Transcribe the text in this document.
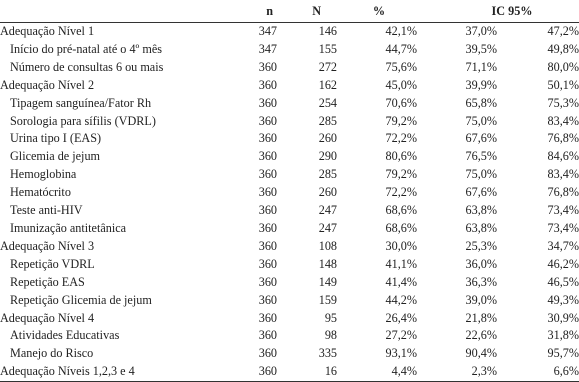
	n	N	%	IC 95%	
Adequação Nível 1	347	146	42,1%	37,0%	47,2%
Início do pré-natal até o 4º mês	347	155	44,7%	39,5%	49,8%
Número de consultas 6 ou mais	360	272	75,6%	71,1%	80,0%
Adequação Nível 2	360	162	45,0%	39,9%	50,1%
Tipagem sanguínea/Fator Rh	360	254	70,6%	65,8%	75,3%
Sorologia para sífilis (VDRL)	360	285	79,2%	75,0%	83,4%
Urina tipo I (EAS)	360	260	72,2%	67,6%	76,8%
Glicemia de jejum	360	290	80,6%	76,5%	84,6%
Hemoglobina	360	285	79,2%	75,0%	83,4%
Hematócrito	360	260	72,2%	67,6%	76,8%
Teste anti-HIV	360	247	68,6%	63,8%	73,4%
Imunização antitetânica	360	247	68,6%	63,8%	73,4%
Adequação Nível 3	360	108	30,0%	25,3%	34,7%
Repetição VDRL	360	148	41,1%	36,0%	46,2%
Repetição EAS	360	149	41,4%	36,3%	46,5%
Repetição Glicemia de jejum	360	159	44,2%	39,0%	49,3%
Adequação Nível 4	360	95	26,4%	21,8%	30,9%
Atividades Educativas	360	98	27,2%	22,6%	31,8%
Manejo do Risco	360	335	93,1%	90,4%	95,7%
Adequação Níveis 1,2,3 e 4	360	16	4,4%	2,3%	6,6%
